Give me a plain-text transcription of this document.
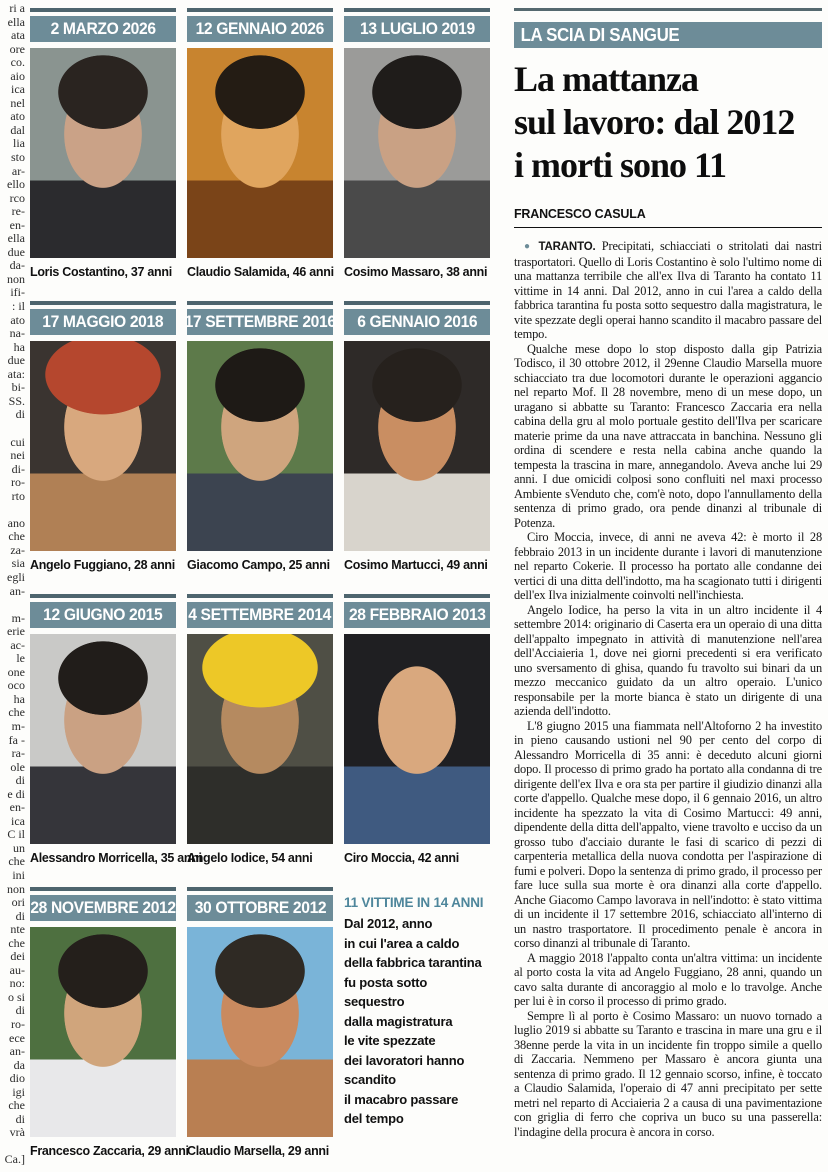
ri a
ella
ata
ore
co.
aio
ica
nel
ato
dal
lia
sto
ar-
ello
rco
re-
en-
ella
due
da-
non
ifi-
: il
ato
na-
ha
due
ata:
bi-
SS.
di

cui
nei
di-
ro-
rto

ano
che
za-
sia
egli
an-

m-
erie
ac-
le
one
oco
ha
che
m-
fa -
ra-
ole
di
e di
en-
ica
C il
un
che
ini
non
ori
di
nte
che
dei
au-
no:
o si
di
ro-
ece
an-
da
dio
igi
che
di
vrà

Ca.]
2 MARZO 2026
Loris Costantino, 37 anni
12 GENNAIO 2026
Claudio Salamida, 46 anni
13 LUGLIO 2019
Cosimo Massaro, 38 anni
17 MAGGIO 2018
Angelo Fuggiano, 28 anni
17 SETTEMBRE 2016
Giacomo Campo, 25 anni
6 GENNAIO 2016
Cosimo Martucci, 49 anni
12 GIUGNO 2015
Alessandro Morricella, 35 anni
4 SETTEMBRE 2014
Angelo Iodice, 54 anni
28 FEBBRAIO 2013
Ciro Moccia, 42 anni
28 NOVEMBRE 2012
Francesco Zaccaria, 29 anni
30 OTTOBRE 2012
Claudio Marsella, 29 anni
11 VITTIME IN 14 ANNI
Dal 2012, anno
in cui l'area a caldo
della fabbrica tarantina
fu posta sotto sequestro
dalla magistratura
le vite spezzate
dei lavoratori hanno
scandito
il macabro passare
del tempo
LA SCIA DI SANGUE
La mattanza
sul lavoro: dal 2012
i morti sono 11
FRANCESCO CASULA

● TARANTO. Precipitati, schiacciati o stritolati dai nastri trasportatori. Quello di Loris Costantino è solo l'ultimo nome di una mattanza terribile che all'ex Ilva di Taranto ha contato 11 vittime in 14 anni. Dal 2012, anno in cui l'area a caldo della fabbrica tarantina fu posta sotto sequestro dalla magistratura, le vite spezzate degli operai hanno scandito il macabro passare del tempo.

Qualche mese dopo lo stop disposto dalla gip Patrizia Todisco, il 30 ottobre 2012, il 29enne Claudio Marsella muore schiacciato tra due locomotori durante le operazioni aggancio nel reparto Mof. Il 28 novembre, meno di un mese dopo, un uragano si abbatte su Taranto: Francesco Zaccaria era nella cabina della gru al molo portuale gestito dell'Ilva per scaricare materie prime da una nave attraccata in banchina. Nessuno gli ordina di scendere e resta nella cabina anche quando la tempesta la trascina in mare, annegandolo. Aveva anche lui 29 anni. I due omicidi colposi sono confluiti nel maxi processo Ambiente sVenduto che, com'è noto, dopo l'annullamento della sentenza di primo grado, ora pende dinanzi al tribunale di Potenza.

Ciro Moccia, invece, di anni ne aveva 42: è morto il 28 febbraio 2013 in un incidente durante i lavori di manutenzione nel reparto Cokerie. Il processo ha portato alle condanne dei vertici di una ditta dell'indotto, ma ha scagionato tutti i dirigenti dell'ex Ilva inizialmente coinvolti nell'inchiesta.

Angelo Iodice, ha perso la vita in un altro incidente il 4 settembre 2014: originario di Caserta era un operaio di una ditta dell'appalto impegnato in attività di manutenzione nell'area dell'Acciaieria 1, dove nei giorni precedenti si era verificato uno sversamento di ghisa, quando fu travolto sui binari da un mezzo meccanico guidato da un altro operaio. L'unico responsabile per la morte bianca è stato un dirigente di una azienda dell'indotto.

L'8 giugno 2015 una fiammata nell'Altoforno 2 ha investito in pieno causando ustioni nel 90 per cento del corpo di Alessandro Morricella di 35 anni: è deceduto alcuni giorni dopo. Il processo di primo grado ha portato alla condanna di tre dirigente dell'ex Ilva e ora sta per partire il giudizio dinanzi alla corte d'appello. Qualche mese dopo, il 6 gennaio 2016, un altro incidente ha spezzato la vita di Cosimo Martucci: 49 anni, dipendente della ditta dell'appalto, viene travolto e ucciso da un grosso tubo d'acciaio durante le fasi di scarico di pezzi di carpenteria metallica della nuova condotta per l'aspirazione di fumi e polveri. Dopo la sentenza di primo grado, il processo per fare luce sulla sua morte è ora dinanzi alla corte d'appello. Anche Giacomo Campo lavorava in nell'indotto: è stato vittima di un incidente il 17 settembre 2016, schiacciato all'interno di un nastro trasportatore. Il procedimento penale è ancora in corso dinanzi al tribunale di Taranto.

A maggio 2018 l'appalto conta un'altra vittima: un incidente al porto costa la vita ad Angelo Fuggiano, 28 anni, quando un cavo salta durante di ancoraggio al molo e lo travolge. Anche per lui è in corso il processo di primo grado.

Sempre lì al porto è Cosimo Massaro: un nuovo tornado a luglio 2019 si abbatte su Taranto e trascina in mare una gru e il 38enne perde la vita in un incidente fin troppo simile a quello di Zaccaria. Nemmeno per Massaro è ancora giunta una sentenza di primo grado. Il 12 gennaio scorso, infine, è toccato a Claudio Salamida, l'operaio di 47 anni precipitato per sette metri nel reparto di Acciaieria 2 a causa di una pavimentazione con griglia di ferro che copriva un buco su una passerella: l'indagine della procura è ancora in corso.
